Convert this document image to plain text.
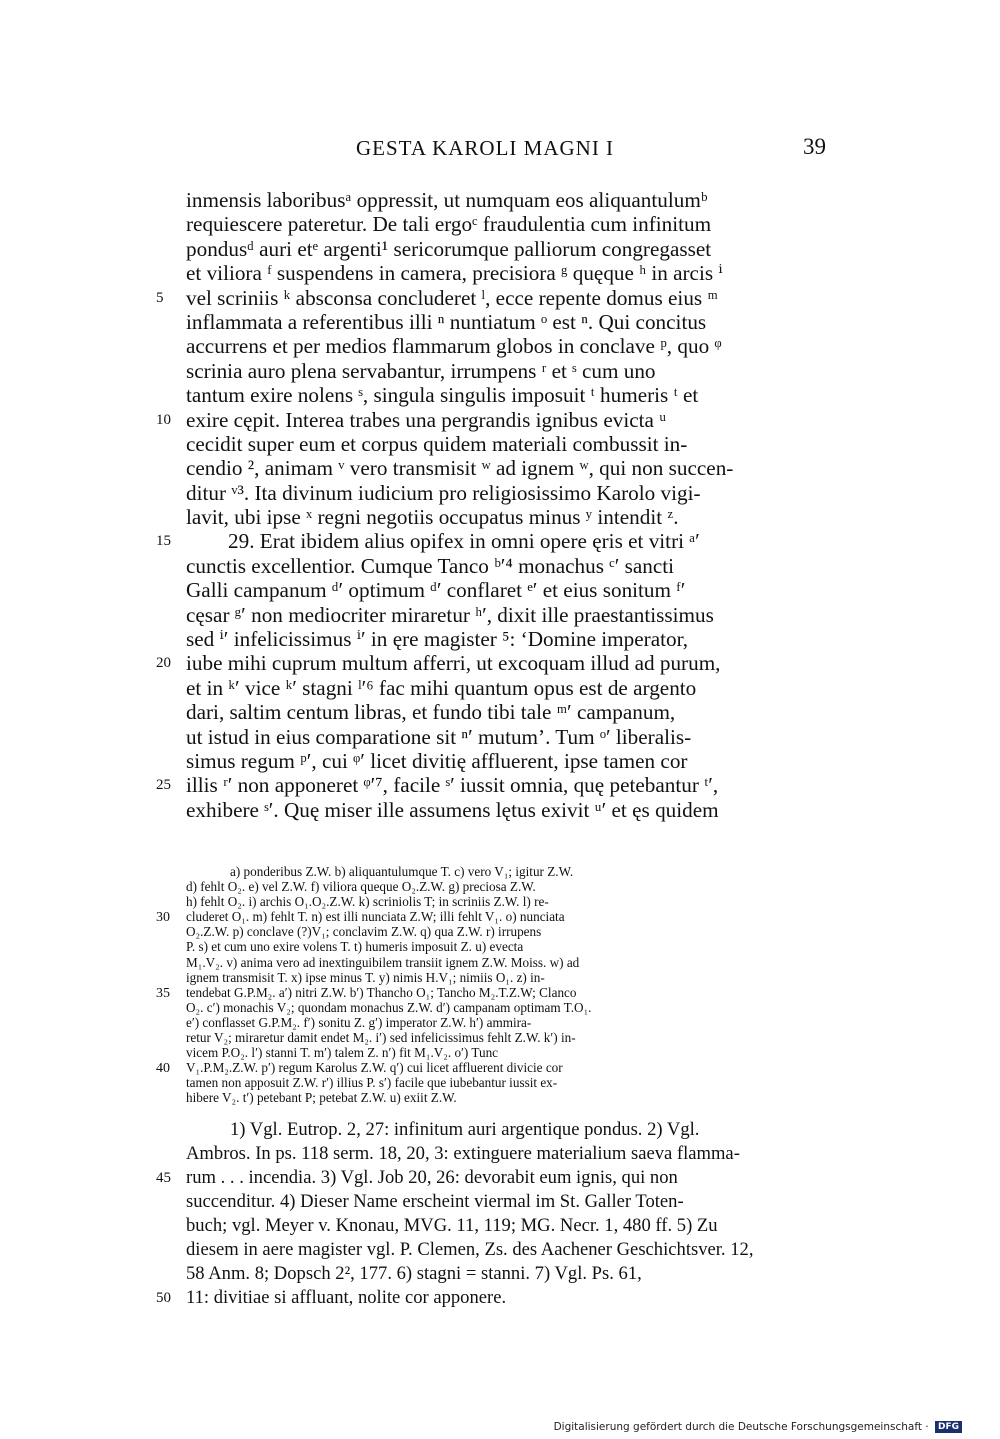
GESTA KAROLI MAGNI I	39
inmensis laboribusᵃ oppressit, ut numquam eos aliquantulumᵇ
requiescere pateretur. De tali ergoᶜ fraudulentia cum infinitum
pondusᵈ auri etᵉ argenti¹ sericorumque palliorum congregasset
et viliora ᶠ suspendens in camera, precisiora ᵍ quęque ʰ in arcis ⁱ
5 vel scriniis ᵏ absconsa concluderet ˡ, ecce repente domus eius ᵐ
inflammata a referentibus illi ⁿ nuntiatum ᵒ est ⁿ. Qui concitus
accurrens et per medios flammarum globos in conclave ᵖ, quo ᵠ
scrinia auro plena servabantur, irrumpens ʳ et ˢ cum uno
tantum exire nolens ˢ, singula singulis imposuit ᵗ humeris ᵗ et
10 exire cępit. Interea trabes una pergrandis ignibus evicta ᵘ
cecidit super eum et corpus quidem materiali combussit in-
cendio ², animam ᵛ vero transmisit ʷ ad ignem ʷ, qui non succen-
ditur ᵛ³. Ita divinum iudicium pro religiosissimo Karolo vigi-
lavit, ubi ipse ˣ regni negotiis occupatus minus ʸ intendit ᶻ.
15	29. Erat ibidem alius opifex in omni opere ęris et vitri ᵃ′
cunctis excellentior. Cumque Tanco ᵇ′⁴ monachus ᶜ′ sancti
Galli campanum ᵈ′ optimum ᵈ′ conflaret ᵉ′ et eius sonitum ᶠ′
cęsar ᵍ′ non mediocriter miraretur ʰ′, dixit ille praestantissimus
sed ⁱ′ infelicissimus ⁱ′ in ęre magister ⁵: ‘Domine imperator,
20 iube mihi cuprum multum afferri, ut excoquam illud ad purum,
et in ᵏ′ vice ᵏ′ stagni ˡ′⁶ fac mihi quantum opus est de argento
dari, saltim centum libras, et fundo tibi tale ᵐ′ campanum,
ut istud in eius comparatione sit ⁿ′ mutum’. Tum ᵒ′ liberalis-
simus regum ᵖ′, cui ᵠ′ licet divitię affluerent, ipse tamen cor
25 illis ʳ′ non apponeret ᵠ′⁷, facile ˢ′ iussit omnia, quę petebantur ᵗ′,
exhibere ˢ′. Quę miser ille assumens lętus exivit ᵘ′ et ęs quidem
a) ponderibus Z.W. b) aliquantulumque T. c) vero V₁; igitur Z.W.
d) fehlt O₂. e) vel Z.W. f) viliora queque O₂.Z.W. g) preciosa Z.W.
h) fehlt O₂. i) archis O₁.O₂.Z.W. k) scriniolis T; in scriniis Z.W. l) re-
30 cluderet O₁. m) fehlt T. n) est illi nunciata Z.W; illi fehlt V₁. o) nunciata
O₂.Z.W. p) conclave (?)V₁; conclavim Z.W. q) qua Z.W. r) irrupens
P. s) et cum uno exire volens T. t) humeris imposuit Z. u) evecta
M₁.V₂. v) anima vero ad inextinguibilem transiit ignem Z.W. Moiss. w) ad
ignem transmisit T. x) ipse minus T. y) nimis H.V₁; nimiis O₁. z) in-
35 tendebat G.P.M₂. a′) nitri Z.W. b′) Thancho O₁; Tancho M₂.T.Z.W; Clanco
O₂. c′) monachis V₂; quondam monachus Z.W. d′) campanam optimam T.O₁.
e′) conflasset G.P.M₂. f′) sonitu Z. g′) imperator Z.W. h′) ammira-
retur V₂; miraretur damit endet M₂. i′) sed infelicissimus fehlt Z.W. k′) in-
vicem P.O₂. l′) stanni T. m′) talem Z. n′) fit M₁.V₂. o′) Tunc
40 V₁.P.M₂.Z.W. p′) regum Karolus Z.W. q′) cui licet affluerent divicie cor
tamen non apposuit Z.W. r′) illius P. s′) facile que iubebantur iussit ex-
hibere V₂. t′) petebant P; petebat Z.W. u) exiit Z.W.
1) Vgl. Eutrop. 2, 27: infinitum auri argentique pondus. 2) Vgl.
Ambros. In ps. 118 serm. 18, 20, 3: extinguere materialium saeva flamma-
45 rum . . . incendia. 3) Vgl. Job 20, 26: devorabit eum ignis, qui non
succenditur. 4) Dieser Name erscheint viermal im St. Galler Toten-
buch; vgl. Meyer v. Knonau, MVG. 11, 119; MG. Necr. 1, 480 ff. 5) Zu
diesem in aere magister vgl. P. Clemen, Zs. des Aachener Geschichtsver. 12,
58 Anm. 8; Dopsch 2², 177. 6) stagni = stanni. 7) Vgl. Ps. 61,
50 11: divitiae si affluant, nolite cor apponere.
Digitalisierung gefördert durch die Deutsche Forschungsgemeinschaft · DFG
